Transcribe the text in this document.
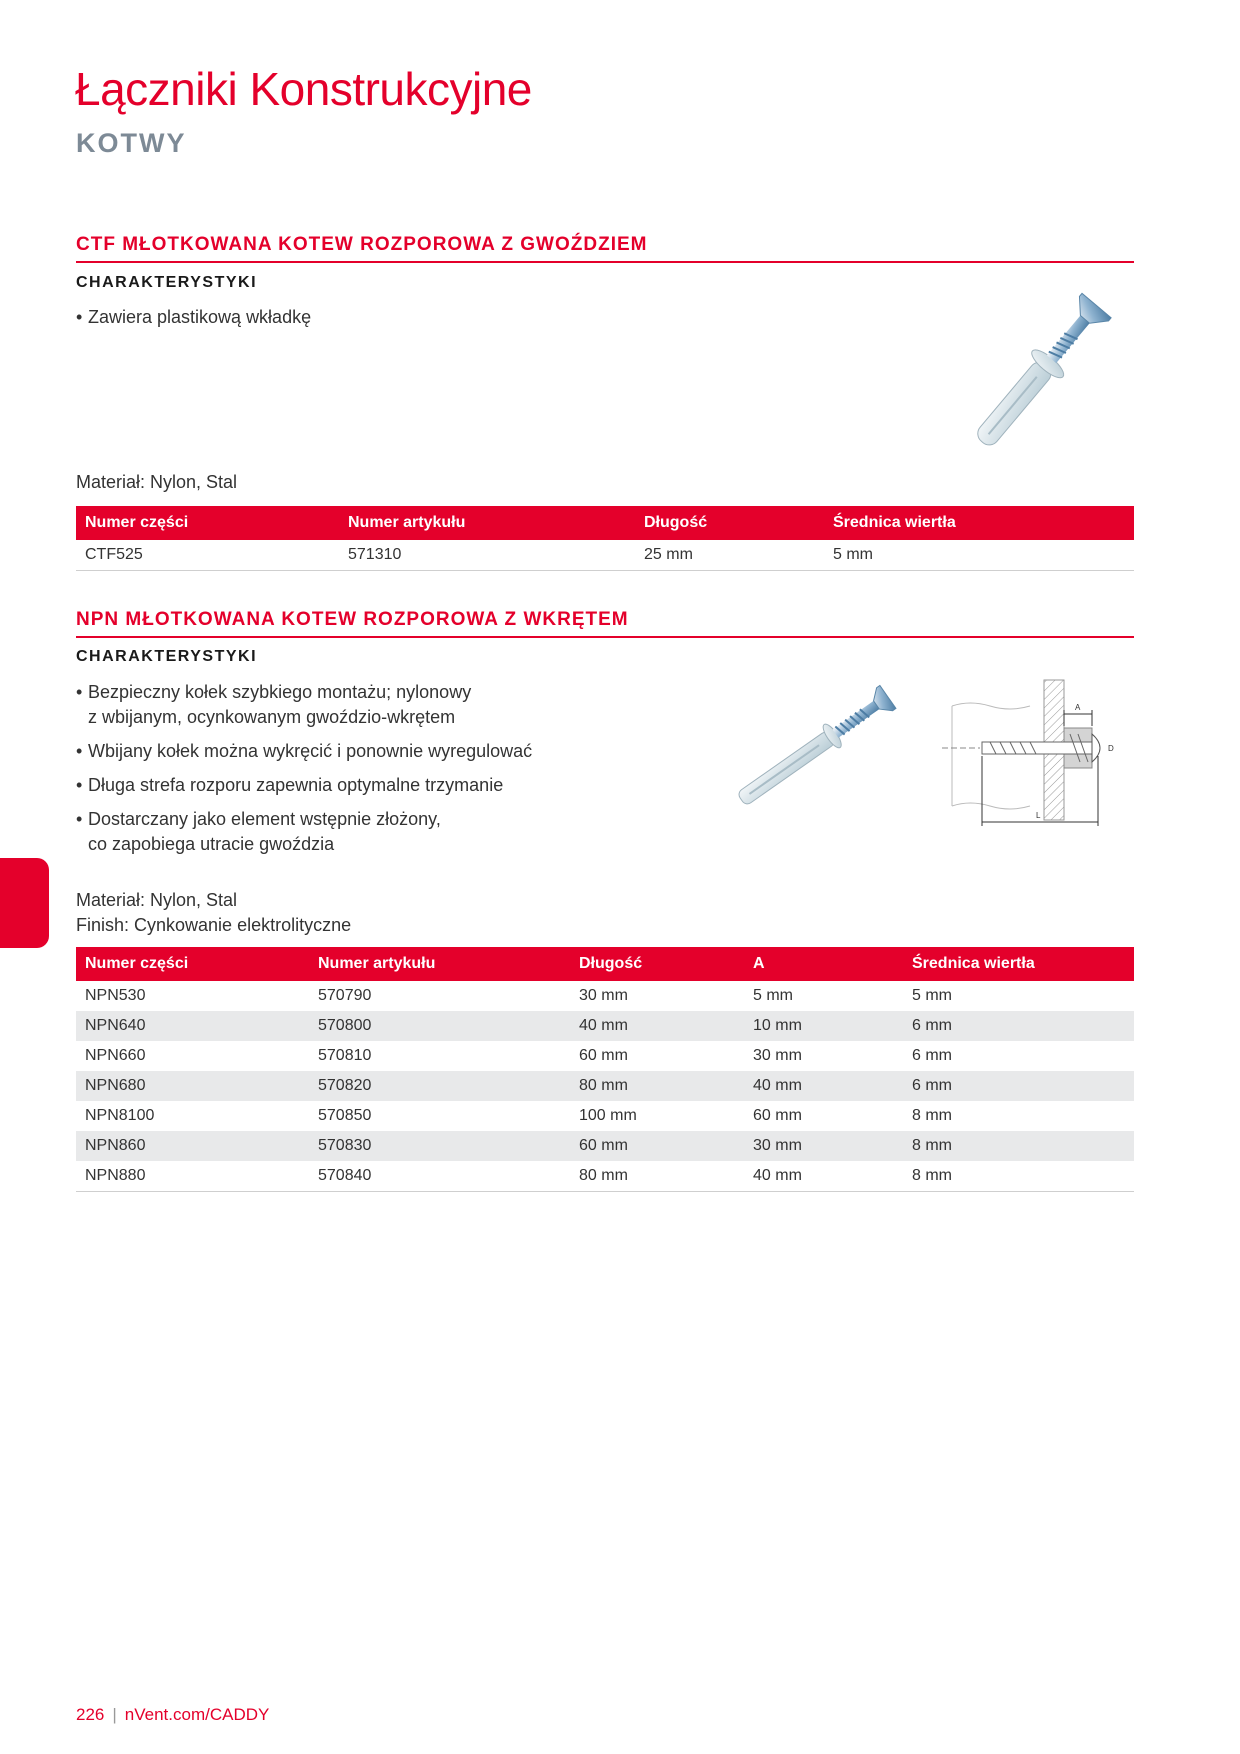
Łączniki Konstrukcyjne
KOTWY
CTF MŁOTKOWANA KOTEW ROZPOROWA Z GWOŹDZIEM
CHARAKTERYSTYKI
• Zawiera plastikową wkładkę
Materiał: Nylon, Stal
Numer części	Numer artykułu	Długość	Średnica wiertła
CTF525	571310	25 mm	5 mm
NPN MŁOTKOWANA KOTEW ROZPOROWA Z WKRĘTEM
CHARAKTERYSTYKI
• Bezpieczny kołek szybkiego montażu; nylonowy
z wbijanym, ocynkowanym gwoździo-wkrętem
• Wbijany kołek można wykręcić i ponownie wyregulować
• Długa strefa rozporu zapewnia optymalne trzymanie
• Dostarczany jako element wstępnie złożony,
co zapobiega utracie gwoździa
A
L
D
Materiał: Nylon, Stal
Finish: Cynkowanie elektrolityczne
Numer części	Numer artykułu	Długość	A	Średnica wiertła
NPN530	570790	30 mm	5 mm	5 mm
NPN640	570800	40 mm	10 mm	6 mm
NPN660	570810	60 mm	30 mm	6 mm
NPN680	570820	80 mm	40 mm	6 mm
NPN8100	570850	100 mm	60 mm	8 mm
NPN860	570830	60 mm	30 mm	8 mm
NPN880	570840	80 mm	40 mm	8 mm
226 | nVent.com/CADDY
